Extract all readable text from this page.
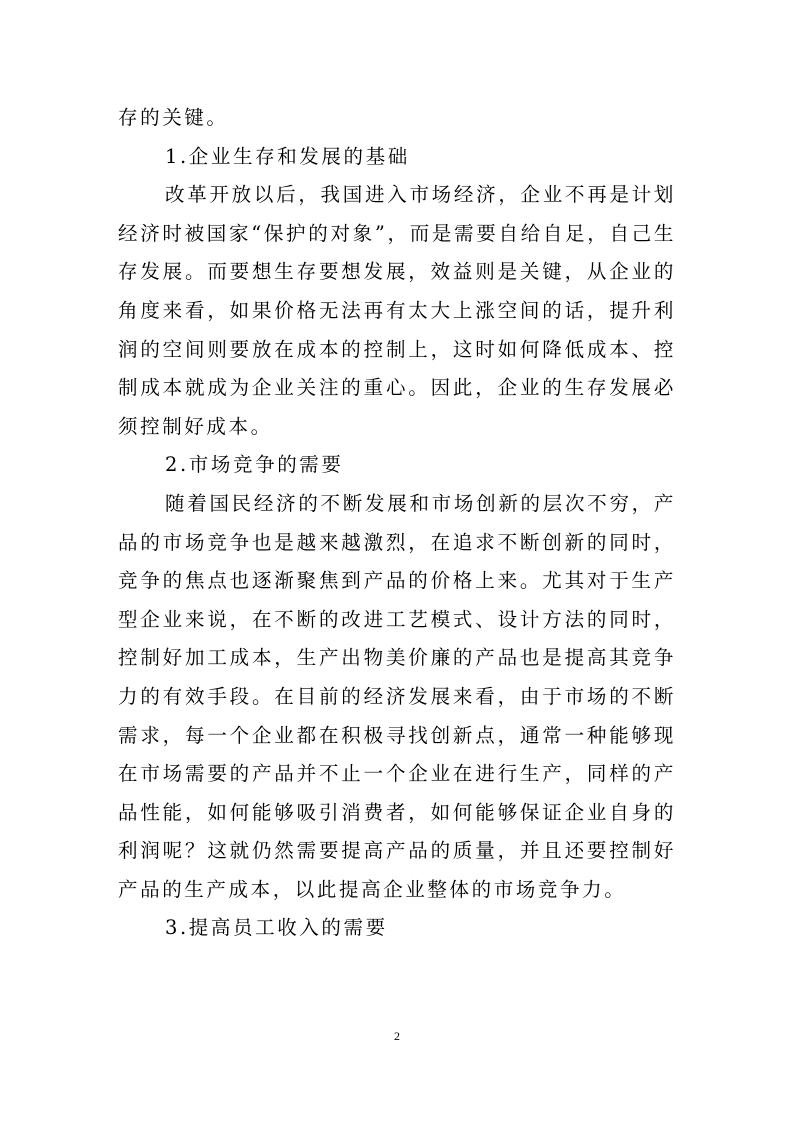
存的关键。

1.企业生存和发展的基础

改革开放以后，我国进入市场经济，企业不再是计划经济时被国家“保护的对象”，而是需要自给自足，自己生存发展。而要想生存要想发展，效益则是关键，从企业的角度来看，如果价格无法再有太大上涨空间的话，提升利润的空间则要放在成本的控制上，这时如何降低成本、控制成本就成为企业关注的重心。因此，企业的生存发展必须控制好成本。

2.市场竞争的需要

随着国民经济的不断发展和市场创新的层次不穷，产品的市场竞争也是越来越激烈，在追求不断创新的同时，竞争的焦点也逐渐聚焦到产品的价格上来。尤其对于生产型企业来说，在不断的改进工艺模式、设计方法的同时，控制好加工成本，生产出物美价廉的产品也是提高其竞争力的有效手段。在目前的经济发展来看，由于市场的不断需求，每一个企业都在积极寻找创新点，通常一种能够现在市场需要的产品并不止一个企业在进行生产，同样的产品性能，如何能够吸引消费者，如何能够保证企业自身的利润呢？这就仍然需要提高产品的质量，并且还要控制好产品的生产成本，以此提高企业整体的市场竞争力。

3.提高员工收入的需要

2
